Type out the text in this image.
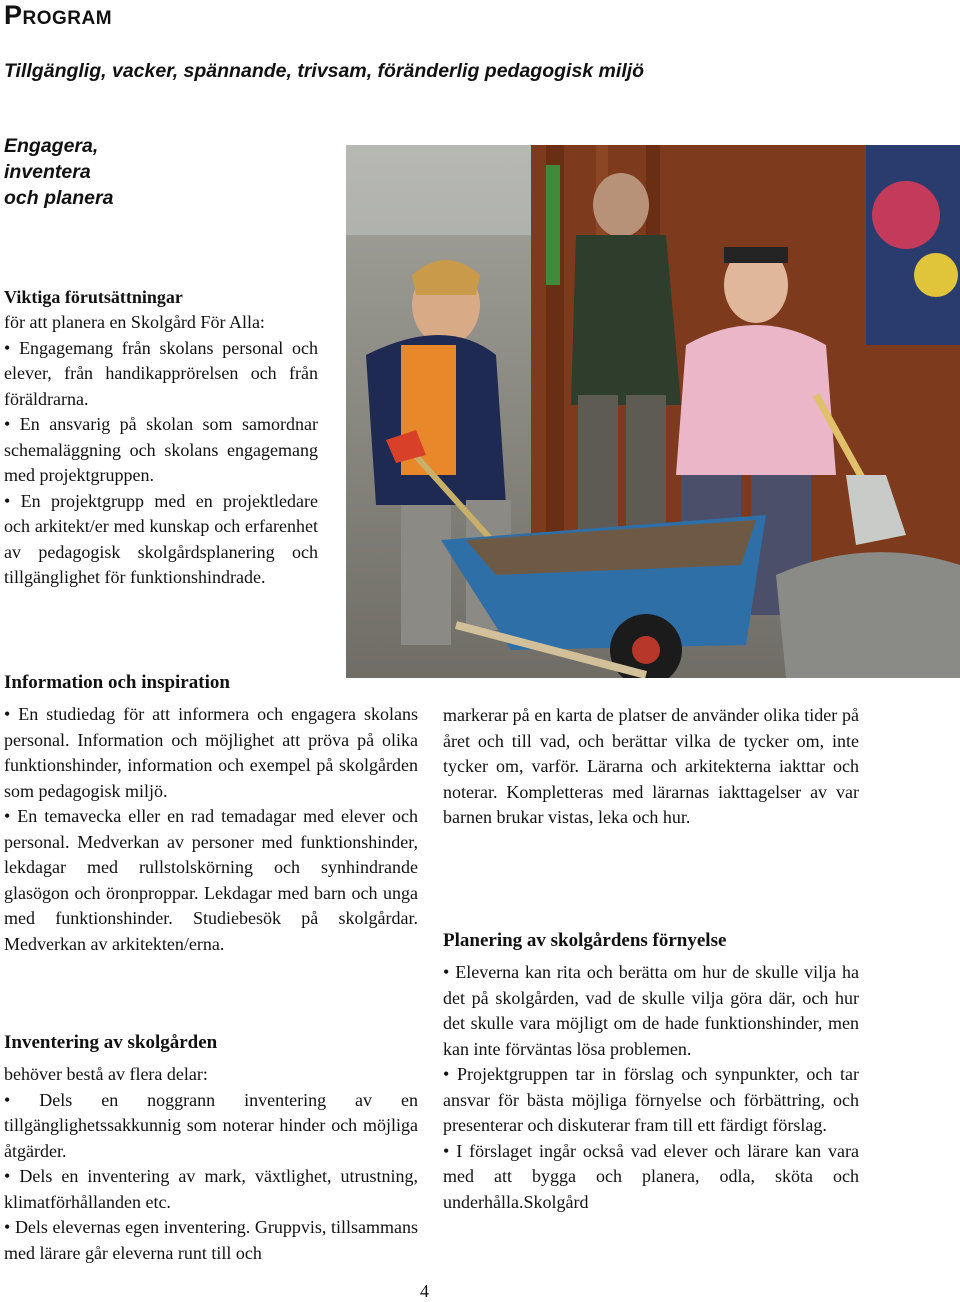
Program
Tillgänglig, vacker, spännande, trivsam, föränderlig pedagogisk miljö
Engagera,
inventera
och planera
Viktiga förutsättningar

för att planera en Skolgård För Alla:

• Engagemang från skolans personal och elever, från handikapprörelsen och från föräldrarna.

• En ansvarig på skolan som samordnar schemaläggning och skolans engagemang med projektgruppen.

• En projektgrupp med en projektledare och arkitekt/er med kunskap och erfarenhet av pedagogisk skolgårdsplanering och tillgänglighet för funktionshindrade.

Information och inspiration

• En studiedag för att informera och engagera skolans personal. Information och möjlighet att pröva på olika funktionshinder, information och exempel på skolgården som pedagogisk miljö.

• En temavecka eller en rad temadagar med elever och personal. Medverkan av personer med funktionshinder, lekdagar med rullstolskörning och synhindrande glasögon och öronproppar. Lekdagar med barn och unga med funktionshinder. Studiebesök på skolgårdar. Medverkan av arkitekten/erna.

Inventering av skolgården

behöver bestå av flera delar:

• Dels en noggrann inventering av en tillgänglighetssakkunnig som noterar hinder och möjliga åtgärder.

• Dels en inventering av mark, växtlighet, utrustning, klimatförhållanden etc.

• Dels elevernas egen inventering. Gruppvis, tillsammans med lärare går eleverna runt till och

markerar på en karta de platser de använder olika tider på året och till vad, och berättar vilka de tycker om, inte tycker om, varför. Lärarna och arkitekterna iakttar och noterar. Kompletteras med lärarnas iakttagelser av var barnen brukar vistas, leka och hur.

Planering av skolgårdens förnyelse

• Eleverna kan rita och berätta om hur de skulle vilja ha det på skolgården, vad de skulle vilja göra där, och hur det skulle vara möjligt om de hade funktionshinder, men kan inte förväntas lösa problemen.

• Projektgruppen tar in förslag och synpunkter, och tar ansvar för bästa möjliga förnyelse och förbättring, och presenterar och diskuterar fram till ett färdigt förslag.

• I förslaget ingår också vad elever och lärare kan vara med att bygga och planera, odla, sköta och underhålla.Skolgård

4
